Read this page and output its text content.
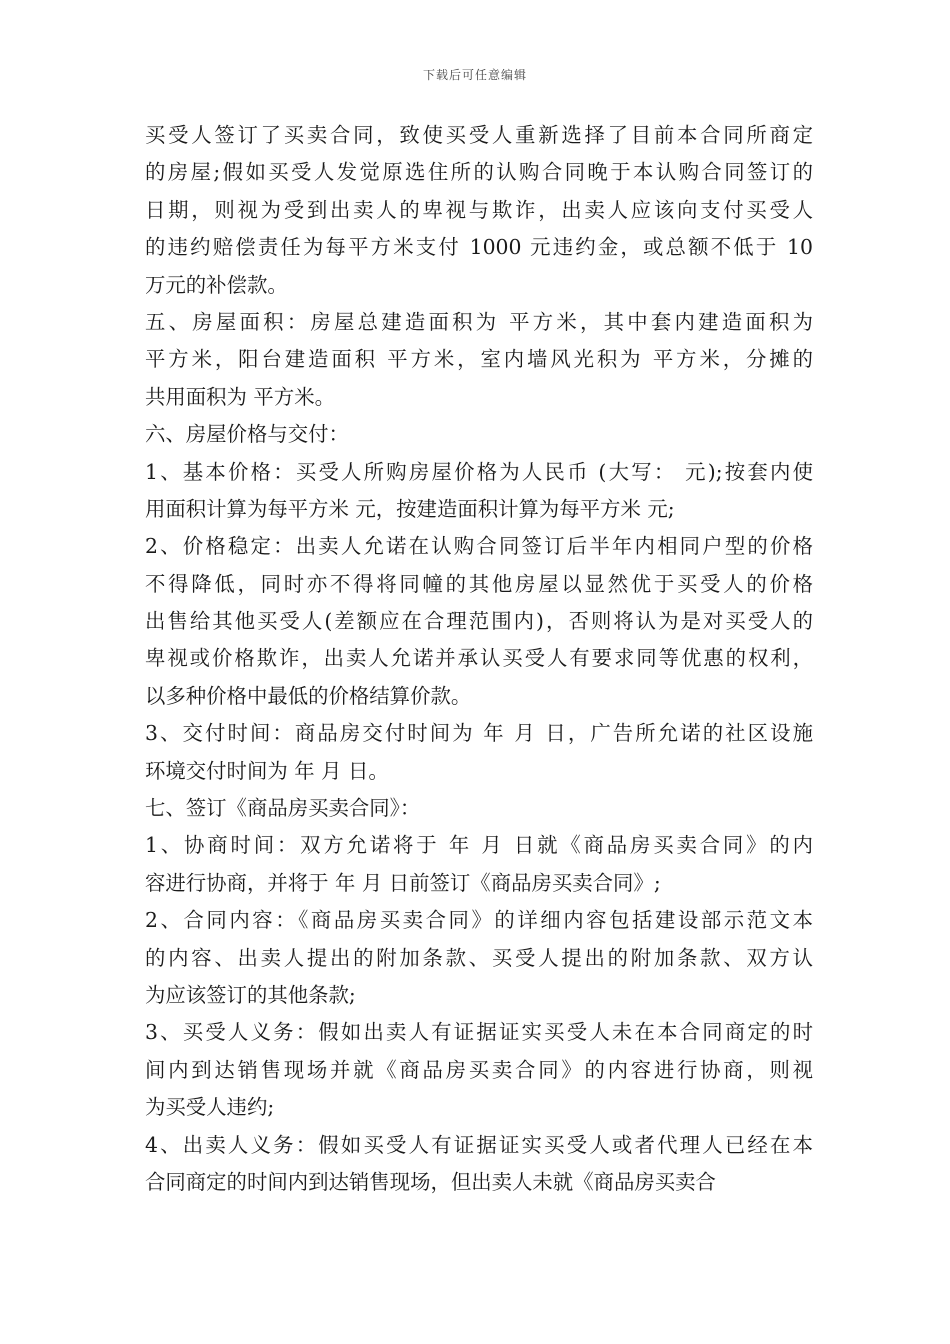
下载后可任意编辑
买受人签订了买卖合同，致使买受人重新选择了目前本合同所商定
的房屋;假如买受人发觉原选住所的认购合同晚于本认购合同签订的
日期，则视为受到出卖人的卑视与欺诈，出卖人应该向支付买受人
的违约赔偿责任为每平方米支付 1000 元违约金，或总额不低于 10
万元的补偿款。
五、房屋面积：房屋总建造面积为 平方米，其中套内建造面积为
平方米，阳台建造面积 平方米，室内墙风光积为 平方米，分摊的
共用面积为 平方米。
六、房屋价格与交付：
1、基本价格：买受人所购房屋价格为人民币 (大写： 元);按套内使
用面积计算为每平方米 元，按建造面积计算为每平方米 元;
2、价格稳定：出卖人允诺在认购合同签订后半年内相同户型的价格
不得降低，同时亦不得将同幢的其他房屋以显然优于买受人的价格
出售给其他买受人(差额应在合理范围内)，否则将认为是对买受人的
卑视或价格欺诈，出卖人允诺并承认买受人有要求同等优惠的权利，
以多种价格中最低的价格结算价款。
3、交付时间：商品房交付时间为 年 月 日，广告所允诺的社区设施
环境交付时间为 年 月 日。
七、签订《商品房买卖合同》：
1、协商时间：双方允诺将于 年 月 日就《商品房买卖合同》的内
容进行协商，并将于 年 月 日前签订《商品房买卖合同》;
2、合同内容：《商品房买卖合同》的详细内容包括建设部示范文本
的内容、出卖人提出的附加条款、买受人提出的附加条款、双方认
为应该签订的其他条款;
3、买受人义务：假如出卖人有证据证实买受人未在本合同商定的时
间内到达销售现场并就《商品房买卖合同》的内容进行协商，则视
为买受人违约;
4、出卖人义务：假如买受人有证据证实买受人或者代理人已经在本
合同商定的时间内到达销售现场，但出卖人未就《商品房买卖合
